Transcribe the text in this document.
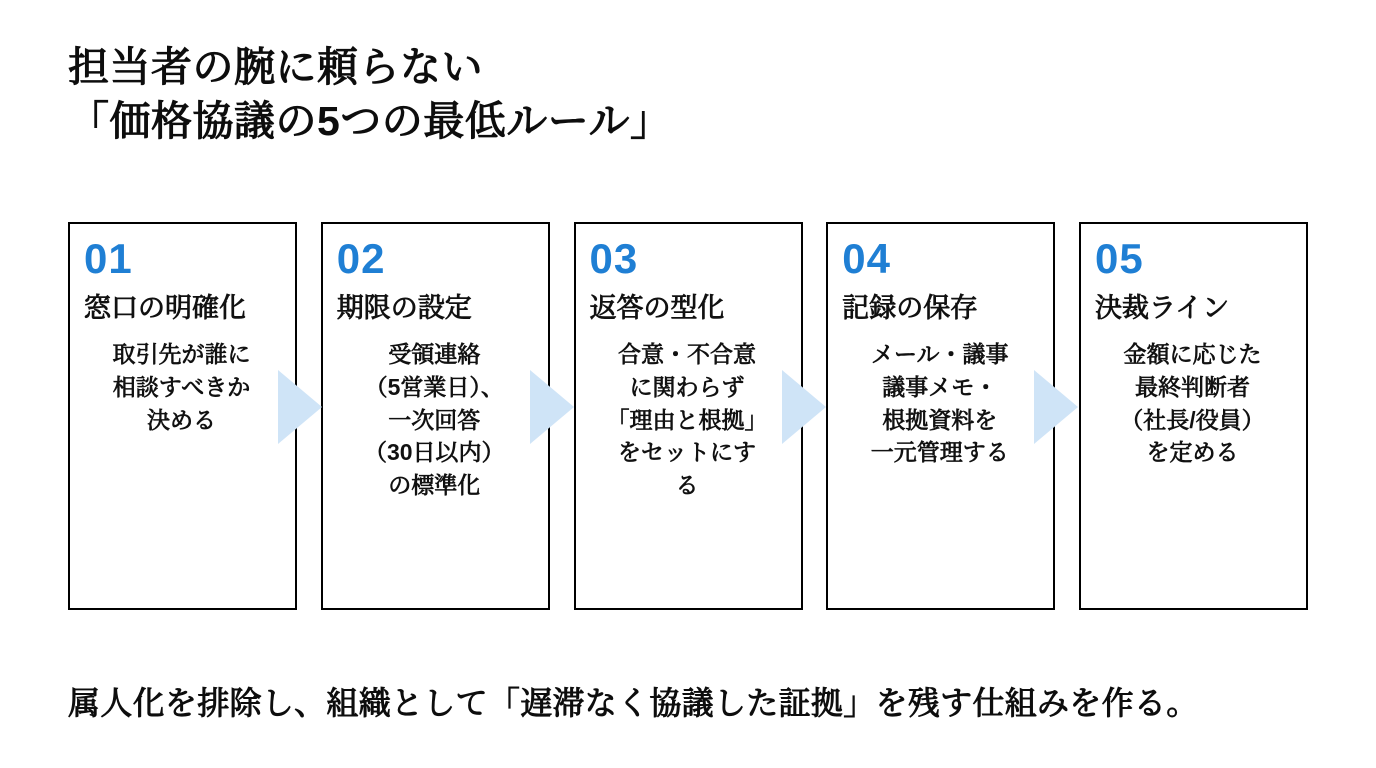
担当者の腕に頼らない
「価格協議の5つの最低ルール」
01
窓口の明確化
取引先が誰に
相談すべきか
決める
02
期限の設定
受領連絡
（5営業日）、
一次回答
（30日以内）
の標準化
03
返答の型化
合意・不合意
に関わらず
「理由と根拠」
をセットにす
る
04
記録の保存
メール・議事
議事メモ・
根拠資料を
一元管理する
05
決裁ライン
金額に応じた
最終判断者
（社長/役員）
を定める
属人化を排除し、組織として「遅滞なく協議した証拠」を残す仕組みを作る。
